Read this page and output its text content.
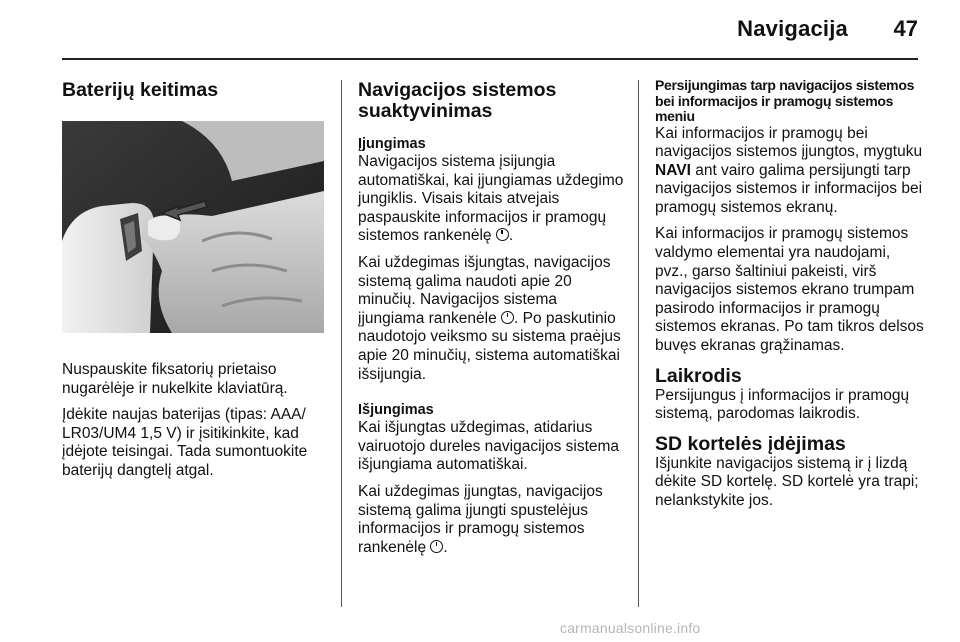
Navigacija 47
Baterijų keitimas

Nuspauskite fiksatorių prietaiso nugarėlėje ir nukelkite klaviatūrą.

Įdėkite naujas baterijas (tipas: AAA/ LR03/UM4 1,5 V) ir įsitikinkite, kad įdėjote teisingai. Tada sumontuokite baterijų dangtelį atgal.

Navigacijos sistemos suaktyvinimas
Įjungimas

Navigacijos sistema įsijungia automatiškai, kai įjungiamas uždegimo jungiklis. Visais kitais atvejais paspauskite informacijos ir pramogų sistemos rankenėlę .

Kai uždegimas išjungtas, navigacijos sistemą galima naudoti apie 20 minučių. Navigacijos sistema įjungiama rankenėle . Po paskutinio naudotojo veiksmo su sistema praėjus apie 20 minučių, sistema automatiškai išsijungia.

Išjungimas

Kai išjungtas uždegimas, atidarius vairuotojo dureles navigacijos sistema išjungiama automatiškai.

Kai uždegimas įjungtas, navigacijos sistemą galima įjungti spustelėjus informacijos ir pramogų sistemos rankenėlę .

Persijungimas tarp navigacijos sistemos bei informacijos ir pramogų sistemos meniu

Kai informacijos ir pramogų bei navigacijos sistemos įjungtos, mygtuku NAVI ant vairo galima persijungti tarp navigacijos sistemos ir informacijos bei pramogų sistemos ekranų.

Kai informacijos ir pramogų sistemos valdymo elementai yra naudojami, pvz., garso šaltiniui pakeisti, virš navigacijos sistemos ekrano trumpam pasirodo informacijos ir pramogų sistemos ekranas. Po tam tikros delsos buvęs ekranas grąžinamas.

Laikrodis

Persijungus į informacijos ir pramogų sistemą, parodomas laikrodis.

SD kortelės įdėjimas

Išjunkite navigacijos sistemą ir į lizdą dėkite SD kortelę. SD kortelė yra trapi; nelankstykite jos.

carmanualsonline.info
